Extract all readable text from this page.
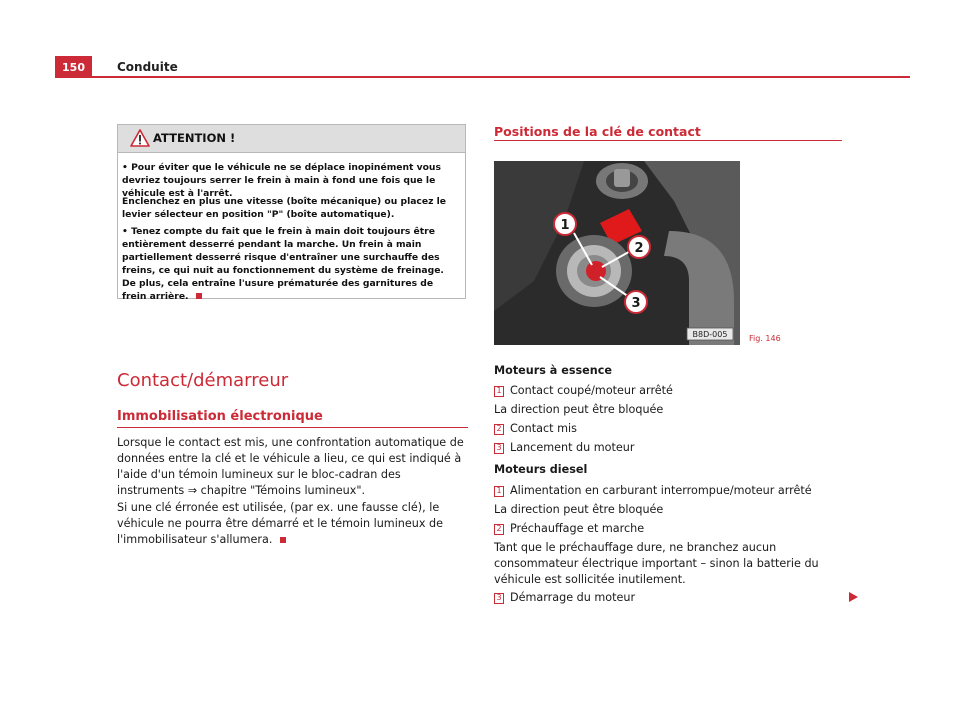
150	Conduite
ATTENTION !
• Pour éviter que le véhicule ne se déplace inopinément vous devriez toujours serrer le frein à main à fond une fois que le véhicule est à l'arrêt.
Enclenchez en plus une vitesse (boîte mécanique) ou placez le levier sélecteur en position "P" (boîte automatique).
• Tenez compte du fait que le frein à main doit toujours être entièrement desserré pendant la marche. Un frein à main partiellement desserré risque d'entraîner une surchauffe des freins, ce qui nuit au fonctionnement du système de freinage. De plus, cela entraîne l'usure prématurée des garnitures de frein arrière.
Contact/démarreur
Immobilisation électronique
Lorsque le contact est mis, une confrontation automatique de données entre la clé et le véhicule a lieu, ce qui est indiqué à l'aide d'un témoin lumineux sur le bloc-cadran des instruments ⇒ chapitre "Témoins lumineux".
Si une clé érronée est utilisée, (par ex. une fausse clé), le véhicule ne pourra être démarré et le témoin lumineux de l'immobilisateur s'allumera.
Positions de la clé de contact
1
2
3
B8D-005	Fig. 146
Moteurs à essence
1 Contact coupé/moteur arrêté
La direction peut être bloquée
2 Contact mis
3 Lancement du moteur
Moteurs diesel
1 Alimentation en carburant interrompue/moteur arrêté
La direction peut être bloquée
2 Préchauffage et marche
Tant que le préchauffage dure, ne branchez aucun consommateur électrique important – sinon la batterie du véhicule est sollicitée inutilement.
3 Démarrage du moteur
